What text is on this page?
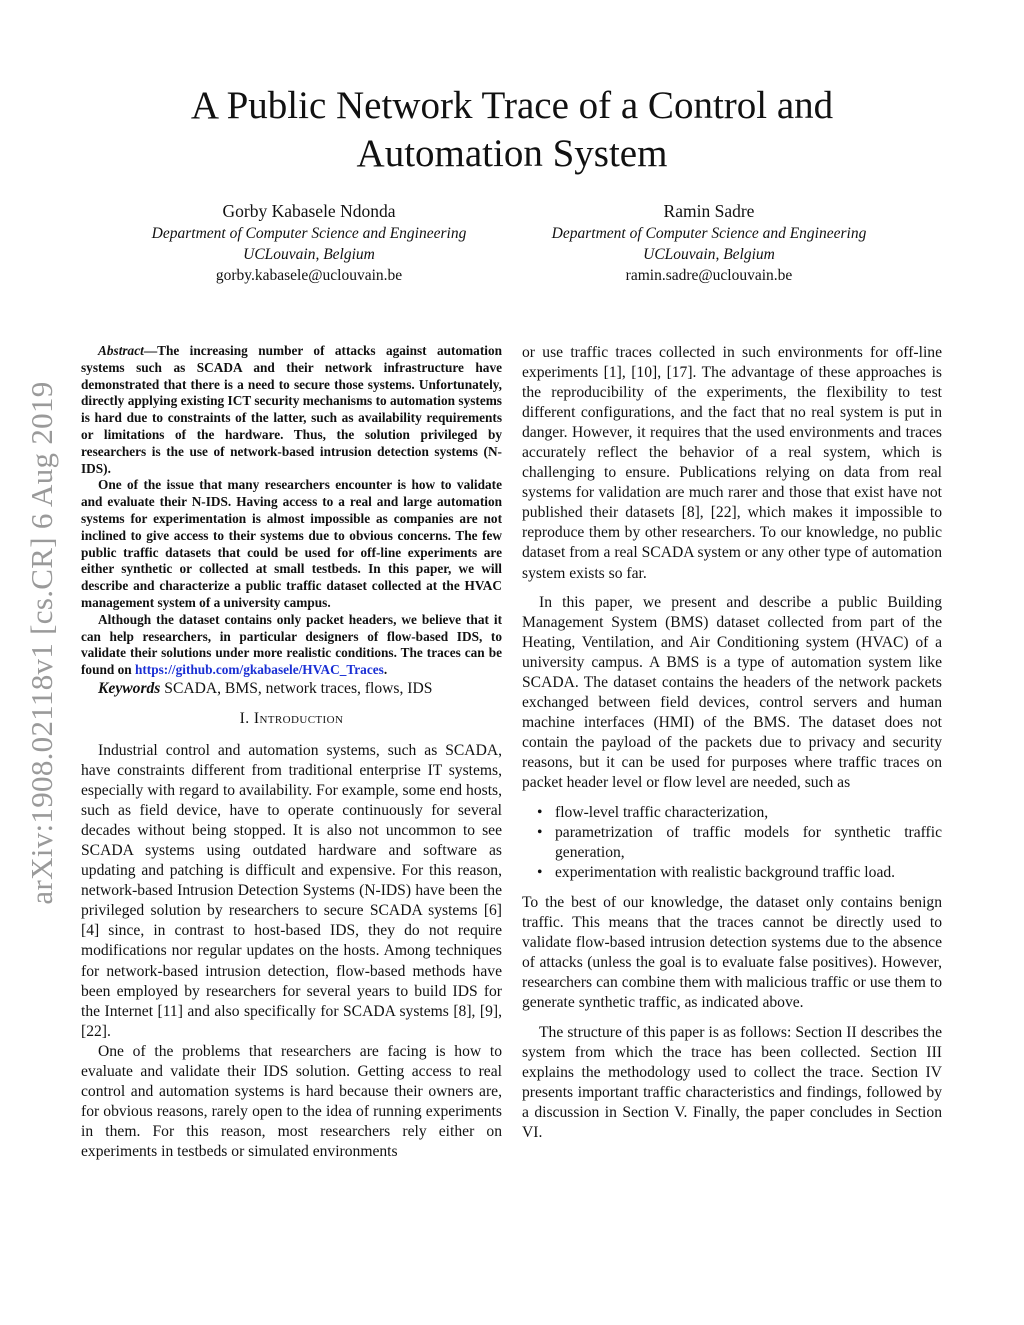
arXiv:1908.02118v1 [cs.CR] 6 Aug 2019
A Public Network Trace of a Control and
Automation System
Gorby Kabasele Ndonda
Department of Computer Science and Engineering
UCLouvain, Belgium
gorby.kabasele@uclouvain.be
Ramin Sadre
Department of Computer Science and Engineering
UCLouvain, Belgium
ramin.sadre@uclouvain.be

Abstract—The increasing number of attacks against automation systems such as SCADA and their network infrastructure have demonstrated that there is a need to secure those systems. Unfortunately, directly applying existing ICT security mechanisms to automation systems is hard due to constraints of the latter, such as availability requirements or limitations of the hardware. Thus, the solution privileged by researchers is the use of network-based intrusion detection systems (N-IDS).

One of the issue that many researchers encounter is how to validate and evaluate their N-IDS. Having access to a real and large automation systems for experimentation is almost impossible as companies are not inclined to give access to their systems due to obvious concerns. The few public traffic datasets that could be used for off-line experiments are either synthetic or collected at small testbeds. In this paper, we will describe and characterize a public traffic dataset collected at the HVAC management system of a university campus.

Although the dataset contains only packet headers, we believe that it can help researchers, in particular designers of flow-based IDS, to validate their solutions under more realistic conditions. The traces can be found on https://github.com/gkabasele/HVAC_Traces.

Keywords SCADA, BMS, network traces, flows, IDS

I. Introduction

Industrial control and automation systems, such as SCADA, have constraints different from traditional enterprise IT systems, especially with regard to availability. For example, some end hosts, such as field device, have to operate continuously for several decades without being stopped. It is also not uncommon to see SCADA systems using outdated hardware and software as updating and patching is difficult and expensive. For this reason, network-based Intrusion Detection Systems (N-IDS) have been the privileged solution by researchers to secure SCADA systems [6] [4] since, in contrast to host-based IDS, they do not require modifications nor regular updates on the hosts. Among techniques for network-based intrusion detection, flow-based methods have been employed by researchers for several years to build IDS for the Internet [11] and also specifically for SCADA systems [8], [9], [22].

One of the problems that researchers are facing is how to evaluate and validate their IDS solution. Getting access to real control and automation systems is hard because their owners are, for obvious reasons, rarely open to the idea of running experiments in them. For this reason, most researchers rely either on experiments in testbeds or simulated environments

or use traffic traces collected in such environments for off-line experiments [1], [10], [17]. The advantage of these approaches is the reproducibility of the experiments, the flexibility to test different configurations, and the fact that no real system is put in danger. However, it requires that the used environments and traces accurately reflect the behavior of a real system, which is challenging to ensure. Publications relying on data from real systems for validation are much rarer and those that exist have not published their datasets [8], [22], which makes it impossible to reproduce them by other researchers. To our knowledge, no public dataset from a real SCADA system or any other type of automation system exists so far.

In this paper, we present and describe a public Building Management System (BMS) dataset collected from part of the Heating, Ventilation, and Air Conditioning system (HVAC) of a university campus. A BMS is a type of automation system like SCADA. The dataset contains the headers of the network packets exchanged between field devices, control servers and human machine interfaces (HMI) of the BMS. The dataset does not contain the payload of the packets due to privacy and security reasons, but it can be used for purposes where traffic traces on packet header level or flow level are needed, such as

• flow-level traffic characterization,
• parametrization of traffic models for synthetic traffic generation,
• experimentation with realistic background traffic load.

To the best of our knowledge, the dataset only contains benign traffic. This means that the traces cannot be directly used to validate flow-based intrusion detection systems due to the absence of attacks (unless the goal is to evaluate false positives). However, researchers can combine them with malicious traffic or use them to generate synthetic traffic, as indicated above.

The structure of this paper is as follows: Section II describes the system from which the trace has been collected. Section III explains the methodology used to collect the trace. Section IV presents important traffic characteristics and findings, followed by a discussion in Section V. Finally, the paper concludes in Section VI.
